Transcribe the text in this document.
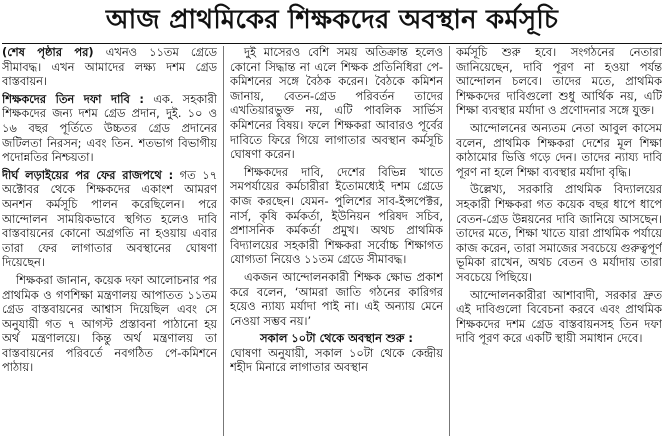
আজ প্রাথমিকের শিক্ষকদের অবস্থান কর্মসূচি

(শেষ পৃষ্ঠার পর) এখনও ১১তম গ্রেডে সীমাবদ্ধ। এখন আমাদের লক্ষ্য দশম গ্রেড বাস্তবায়ন।

শিক্ষকদের তিন দফা দাবি : এক. সহকারী শিক্ষকদের জন্য দশম গ্রেড প্রদান, দুই. ১০ ও ১৬ বছর পূর্তিতে উচ্চতর গ্রেড প্রদানের জটিলতা নিরসন; এবং তিন. শতভাগ বিভাগীয় পদোন্নতির নিশ্চয়তা।

দীর্ঘ লড়াইয়ের পর ফের রাজপথে : গত ১৭ অক্টোবর থেকে শিক্ষকদের একাংশ আমরণ অনশন কর্মসূচি পালন করেছিলেন। পরে আন্দোলন সাময়িকভাবে স্থগিত হলেও দাবি বাস্তবায়নের কোনো অগ্রগতি না হওয়ায় এবার তারা ফের লাগাতার অবস্থানের ঘোষণা দিয়েছেন।

শিক্ষকরা জানান, কয়েক দফা আলোচনার পর প্রাথমিক ও গণশিক্ষা মন্ত্রণালয় আপাতত ১১তম গ্রেড বাস্তবায়নের আশ্বাস দিয়েছিল এবং সে অনুযায়ী গত ৭ আগস্ট প্রস্তাবনা পাঠানো হয় অর্থ মন্ত্রণালয়ে। কিন্তু অর্থ মন্ত্রণালয় তা বাস্তবায়নের পরিবর্তে নবগঠিত পে-কমিশনে পাঠায়।

দুই মাসেরও বেশি সময় অতিক্রান্ত হলেও কোনো সিদ্ধান্ত না এলে শিক্ষক প্রতিনিধিরা পে-কমিশনের সঙ্গে বৈঠক করেন। বৈঠকে কমিশন জানায়, বেতন-গ্রেড পরিবর্তন তাদের এখতিয়ারভুক্ত নয়, এটি পাবলিক সার্ভিস কমিশনের বিষয়। ফলে শিক্ষকরা আবারও পূর্বের দাবিতে ফিরে গিয়ে লাগাতার অবস্থান কর্মসূচি ঘোষণা করেন।

শিক্ষকদের দাবি, দেশের বিভিন্ন খাতে সমপর্যায়ের কর্মচারীরা ইতোমধ্যেই দশম গ্রেডে কাজ করছেন। যেমন- পুলিশের সাব-ইন্সপেক্টর, নার্স, কৃষি কর্মকর্তা, ইউনিয়ন পরিষদ সচিব, প্রশাসনিক কর্মকর্তা প্রমুখ। অথচ প্রাথমিক বিদ্যালয়ের সহকারী শিক্ষকরা সর্বোচ্চ শিক্ষাগত যোগ্যতা নিয়েও ১১তম গ্রেডে সীমাবদ্ধ।

একজন আন্দোলনকারী শিক্ষক ক্ষোভ প্রকাশ করে বলেন, ‘আমরা জাতি গঠনের কারিগর হয়েও ন্যায্য মর্যাদা পাই না। এই অন্যায় মেনে নেওয়া সম্ভব নয়।’

সকাল ১০টা থেকে অবস্থান শুরু :
ঘোষণা অনুযায়ী, সকাল ১০টা থেকে কেন্দ্রীয় শহীদ মিনারে লাগাতার অবস্থান

কর্মসূচি শুরু হবে। সংগঠনের নেতারা জানিয়েছেন, দাবি পূরণ না হওয়া পর্যন্ত আন্দোলন চলবে। তাদের মতে, প্রাথমিক শিক্ষকদের দাবিগুলো শুধু আর্থিক নয়, এটি শিক্ষা ব্যবস্থার মর্যাদা ও প্রণোদনার সঙ্গে যুক্ত।

আন্দোলনের অন্যতম নেতা আবুল কাসেম বলেন, প্রাথমিক শিক্ষকরা দেশের মূল শিক্ষা কাঠামোর ভিত্তি গড়ে দেন। তাদের ন্যায্য দাবি পূরণ না হলে শিক্ষা ব্যবস্থার মর্যাদা বৃদ্ধি।

উল্লেখ্য, সরকারি প্রাথমিক বিদ্যালয়ের সহকারী শিক্ষকরা গত কয়েক বছর ধাপে ধাপে বেতন-গ্রেড উন্নয়নের দাবি জানিয়ে আসছেন। তাদের মতে, শিক্ষা খাতে যারা প্রাথমিক পর্যায়ে কাজ করেন, তারা সমাজের সবচেয়ে গুরুত্বপূর্ণ ভূমিকা রাখেন, অথচ বেতন ও মর্যাদায় তারা সবচেয়ে পিছিয়ে।

আন্দোলনকারীরা আশাবাদী, সরকার দ্রুত এই দাবিগুলো বিবেচনা করবে এবং প্রাথমিক শিক্ষকদের দশম গ্রেড বাস্তবায়নসহ তিন দফা দাবি পূরণ করে একটি স্থায়ী সমাধান দেবে।
